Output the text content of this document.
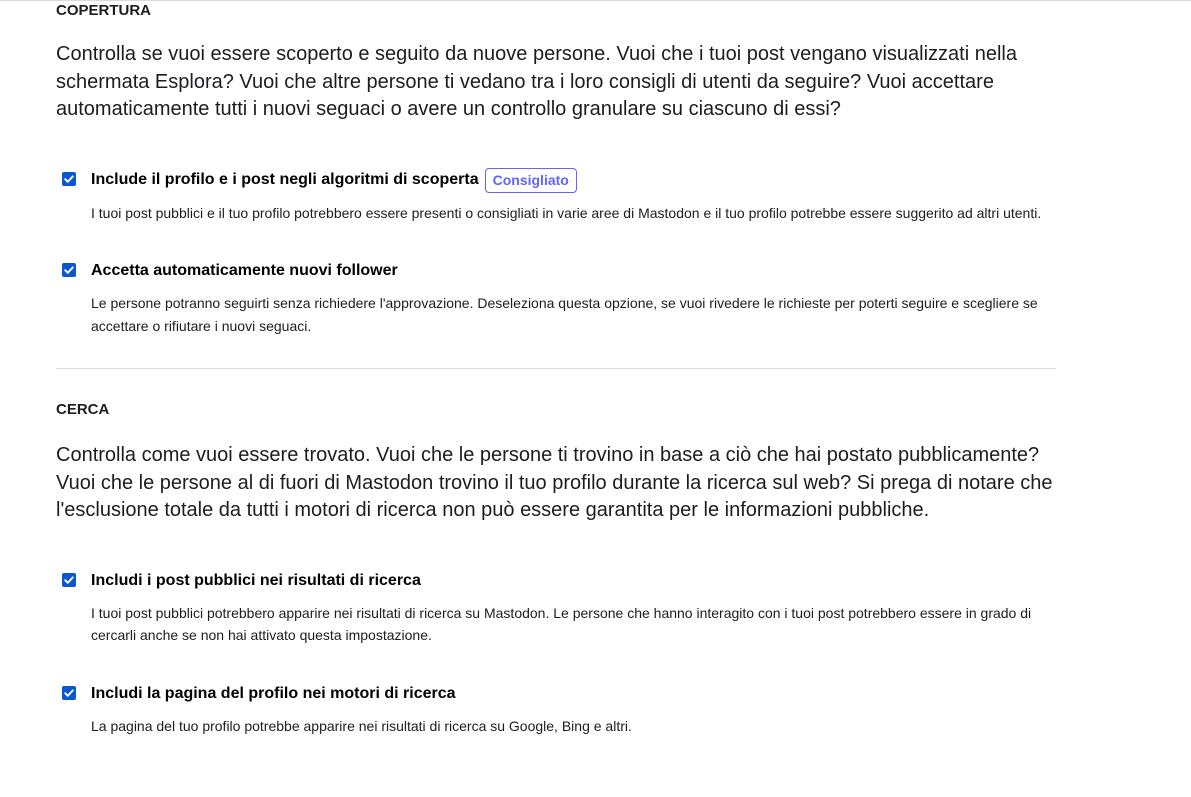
COPERTURA

Controlla se vuoi essere scoperto e seguito da nuove persone. Vuoi che i tuoi post vengano visualizzati nella schermata Esplora? Vuoi che altre persone ti vedano tra i loro consigli di utenti da seguire? Vuoi accettare automaticamente tutti i nuovi seguaci o avere un controllo granulare su ciascuno di essi?

Include il profilo e i post negli algoritmi di scoperta	Consigliato
I tuoi post pubblici e il tuo profilo potrebbero essere presenti o consigliati in varie aree di Mastodon e il tuo profilo potrebbe essere suggerito ad altri utenti.
Accetta automaticamente nuovi follower
Le persone potranno seguirti senza richiedere l'approvazione. Deseleziona questa opzione, se vuoi rivedere le richieste per poterti seguire e scegliere se accettare o rifiutare i nuovi seguaci.
CERCA

Controlla come vuoi essere trovato. Vuoi che le persone ti trovino in base a ciò che hai postato pubblicamente? Vuoi che le persone al di fuori di Mastodon trovino il tuo profilo durante la ricerca sul web? Si prega di notare che l'esclusione totale da tutti i motori di ricerca non può essere garantita per le informazioni pubbliche.

Includi i post pubblici nei risultati di ricerca
I tuoi post pubblici potrebbero apparire nei risultati di ricerca su Mastodon. Le persone che hanno interagito con i tuoi post potrebbero essere in grado di cercarli anche se non hai attivato questa impostazione.
Includi la pagina del profilo nei motori di ricerca
La pagina del tuo profilo potrebbe apparire nei risultati di ricerca su Google, Bing e altri.
